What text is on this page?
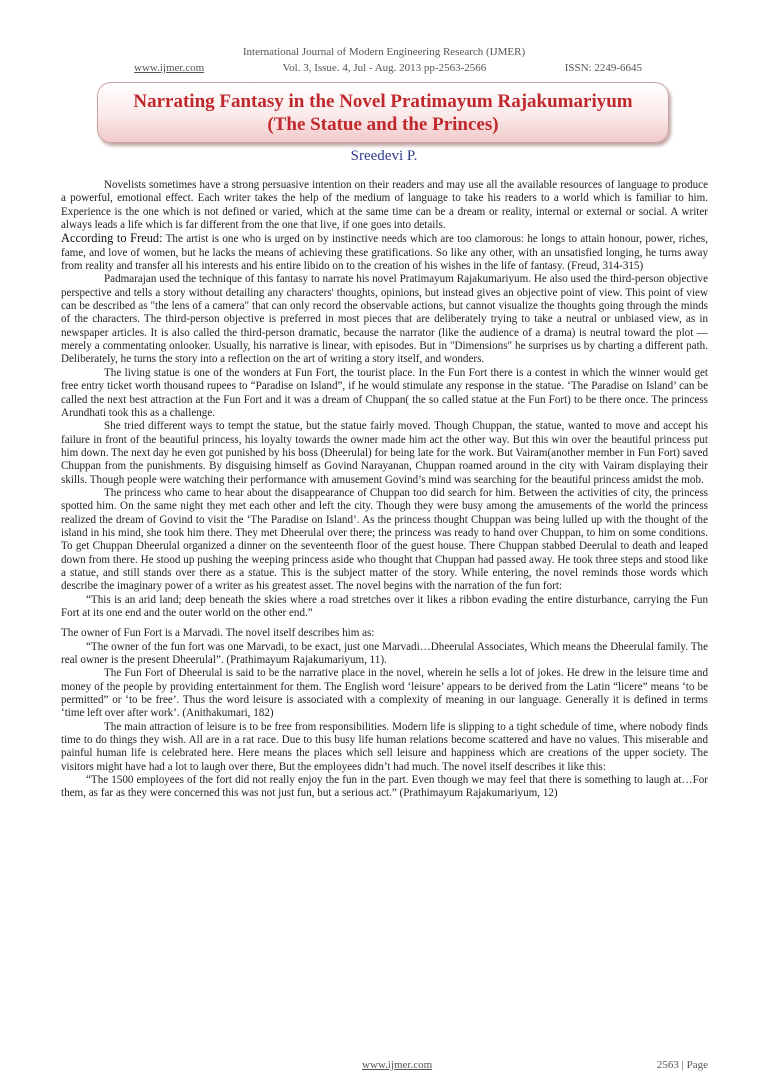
International Journal of Modern Engineering Research (IJMER)
www.ijmer.com	Vol. 3, Issue. 4, Jul - Aug. 2013 pp-2563-2566	ISSN: 2249-6645
Narrating Fantasy in the Novel Pratimayum Rajakumariyum
(The Statue and the Princes)
Sreedevi P.

Novelists sometimes have a strong persuasive intention on their readers and may use all the available resources of language to produce a powerful, emotional effect. Each writer takes the help of the medium of language to take his readers to a world which is familiar to him. Experience is the one which is not defined or varied, which at the same time can be a dream or reality, internal or external or social. A writer always leads a life which is far different from the one that live, if one goes into details.

According to Freud: The artist is one who is urged on by instinctive needs which are too clamorous: he longs to attain honour, power, riches, fame, and love of women, but he lacks the means of achieving these gratifications. So like any other, with an unsatisfied longing, he turns away from reality and transfer all his interests and his entire libido on to the creation of his wishes in the life of fantasy. (Freud, 314-315)

Padmarajan used the technique of this fantasy to narrate his novel Pratimayum Rajakumariyum. He also used the third-person objective perspective and tells a story without detailing any characters' thoughts, opinions, but instead gives an objective point of view. This point of view can be described as "the lens of a camera" that can only record the observable actions, but cannot visualize the thoughts going through the minds of the characters. The third-person objective is preferred in most pieces that are deliberately trying to take a neutral or unbiased view, as in newspaper articles. It is also called the third-person dramatic, because the narrator (like the audience of a drama) is neutral toward the plot — merely a commentating onlooker. Usually, his narrative is linear, with episodes. But in "Dimensions" he surprises us by charting a different path. Deliberately, he turns the story into a reflection on the art of writing a story itself, and wonders.

The living statue is one of the wonders at Fun Fort, the tourist place. In the Fun Fort there is a contest in which the winner would get free entry ticket worth thousand rupees to “Paradise on Island”, if he would stimulate any response in the statue. ‘The Paradise on Island’ can be called the next best attraction at the Fun Fort and it was a dream of Chuppan( the so called statue at the Fun Fort) to be there once. The princess Arundhati took this as a challenge.

She tried different ways to tempt the statue, but the statue fairly moved. Though Chuppan, the statue, wanted to move and accept his failure in front of the beautiful princess, his loyalty towards the owner made him act the other way. But this win over the beautiful princess put him down. The next day he even got punished by his boss (Dheerulal) for being late for the work. But Vairam(another member in Fun Fort) saved Chuppan from the punishments. By disguising himself as Govind Narayanan, Chuppan roamed around in the city with Vairam displaying their skills. Though people were watching their performance with amusement Govind’s mind was searching for the beautiful princess amidst the mob.

The princess who came to hear about the disappearance of Chuppan too did search for him. Between the activities of city, the princess spotted him. On the same night they met each other and left the city. Though they were busy among the amusements of the world the princess realized the dream of Govind to visit the ‘The Paradise on Island’. As the princess thought Chuppan was being lulled up with the thought of the island in his mind, she took him there. They met Dheerulal over there; the princess was ready to hand over Chuppan, to him on some conditions. To get Chuppan Dheerulal organized a dinner on the seventeenth floor of the guest house. There Chuppan stabbed Deerulal to death and leaped down from there. He stood up pushing the weeping princess aside who thought that Chuppan had passed away. He took three steps and stood like a statue, and still stands over there as a statue. This is the subject matter of the story. While entering, the novel reminds those words which describe the imaginary power of a writer as his greatest asset. The novel begins with the narration of the fun fort:

“This is an arid land; deep beneath the skies where a road stretches over it likes a ribbon evading the entire disturbance, carrying the Fun Fort at its one end and the outer world on the other end.”

The owner of Fun Fort is a Marvadi. The novel itself describes him as:

“The owner of the fun fort was one Marvadi, to be exact, just one Marvadi…Dheerulal Associates, Which means the Dheerulal family. The real owner is the present Dheerulal”. (Prathimayum Rajakumariyum, 11).

The Fun Fort of Dheerulal is said to be the narrative place in the novel, wherein he sells a lot of jokes. He drew in the leisure time and money of the people by providing entertainment for them. The English word ‘leisure’ appears to be derived from the Latin “licere” means ‘to be permitted” or ‘to be free’. Thus the word leisure is associated with a complexity of meaning in our language. Generally it is defined in terms ‘time left over after work’. (Anithakumari, 182)

The main attraction of leisure is to be free from responsibilities. Modern life is slipping to a tight schedule of time, where nobody finds time to do things they wish. All are in a rat race. Due to this busy life human relations become scattered and have no values. This miserable and painful human life is celebrated here. Here means the places which sell leisure and happiness which are creations of the upper society. The visitors might have had a lot to laugh over there, But the employees didn’t had much. The novel itself describes it like this:

“The 1500 employees of the fort did not really enjoy the fun in the part. Even though we may feel that there is something to laugh at…For them, as far as they were concerned this was not just fun, but a serious act.” (Prathimayum Rajakumariyum, 12)

www.ijmer.com	2563 | Page
